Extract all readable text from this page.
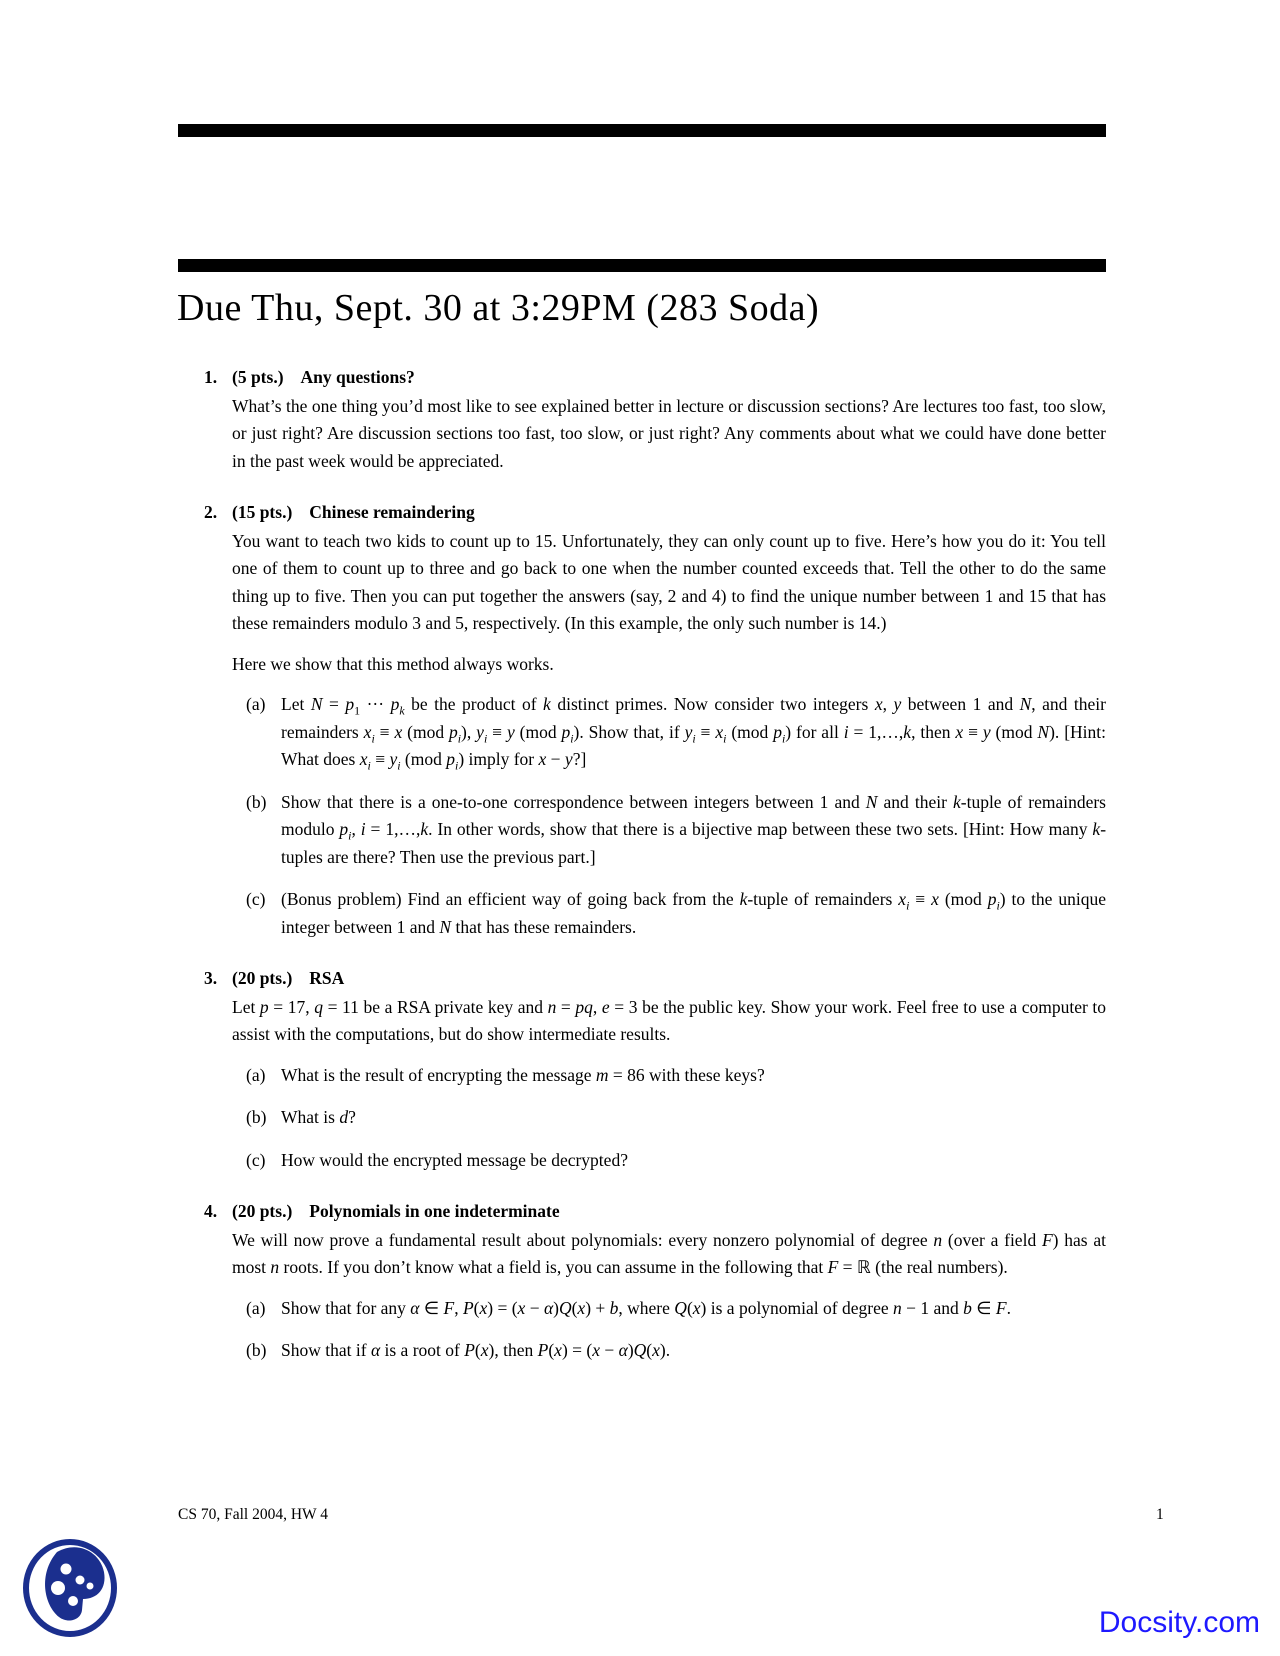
Due Thu, Sept. 30 at 3:29PM (283 Soda)
1. (5 pts.) Any questions?

What’s the one thing you’d most like to see explained better in lecture or discussion sections? Are lectures too fast, too slow, or just right? Are discussion sections too fast, too slow, or just right? Any comments about what we could have done better in the past week would be appreciated.

2. (15 pts.) Chinese remaindering

You want to teach two kids to count up to 15. Unfortunately, they can only count up to five. Here’s how you do it: You tell one of them to count up to three and go back to one when the number counted exceeds that. Tell the other to do the same thing up to five. Then you can put together the answers (say, 2 and 4) to find the unique number between 1 and 15 that has these remainders modulo 3 and 5, respectively. (In this example, the only such number is 14.)

Here we show that this method always works.

(a) Let $N = p_1$ ··· $p_k$ be the product of k distinct primes. Now consider two integers x, y between 1 and N, and their remainders $x_i \equiv x$ (mod $p_i$), $y_i \equiv y$ (mod $p_i$). Show that, if $y_i \equiv x_i$ (mod $p_i$) for all i = 1,…,k, then x ≡ y (mod N). [Hint: What does $x_i \equiv y_i$ (mod $p_i$) imply for x − y?]

(b) Show that there is a one-to-one correspondence between integers between 1 and N and their k-tuple of remainders modulo $p_i$, i = 1,…,k. In other words, show that there is a bijective map between these two sets. [Hint: How many k-tuples are there? Then use the previous part.]

(c) (Bonus problem) Find an efficient way of going back from the k-tuple of remainders $x_i \equiv x$ (mod $p_i$) to the unique integer between 1 and N that has these remainders.

3. (20 pts.) RSA

Let p = 17, q = 11 be a RSA private key and n = pq, e = 3 be the public key. Show your work. Feel free to use a computer to assist with the computations, but do show intermediate results.

(a) What is the result of encrypting the message m = 86 with these keys?

(b) What is d?

(c) How would the encrypted message be decrypted?

4. (20 pts.) Polynomials in one indeterminate

We will now prove a fundamental result about polynomials: every nonzero polynomial of degree n (over a field F) has at most n roots. If you don’t know what a field is, you can assume in the following that F = ℝ (the real numbers).

(a) Show that for any α ∈ F, P(x) = (x − α)Q(x) + b, where Q(x) is a polynomial of degree n − 1 and b ∈ F.

(b) Show that if α is a root of P(x), then P(x) = (x − α)Q(x).

CS 70, Fall 2004, HW 4	1
Docsity.com
